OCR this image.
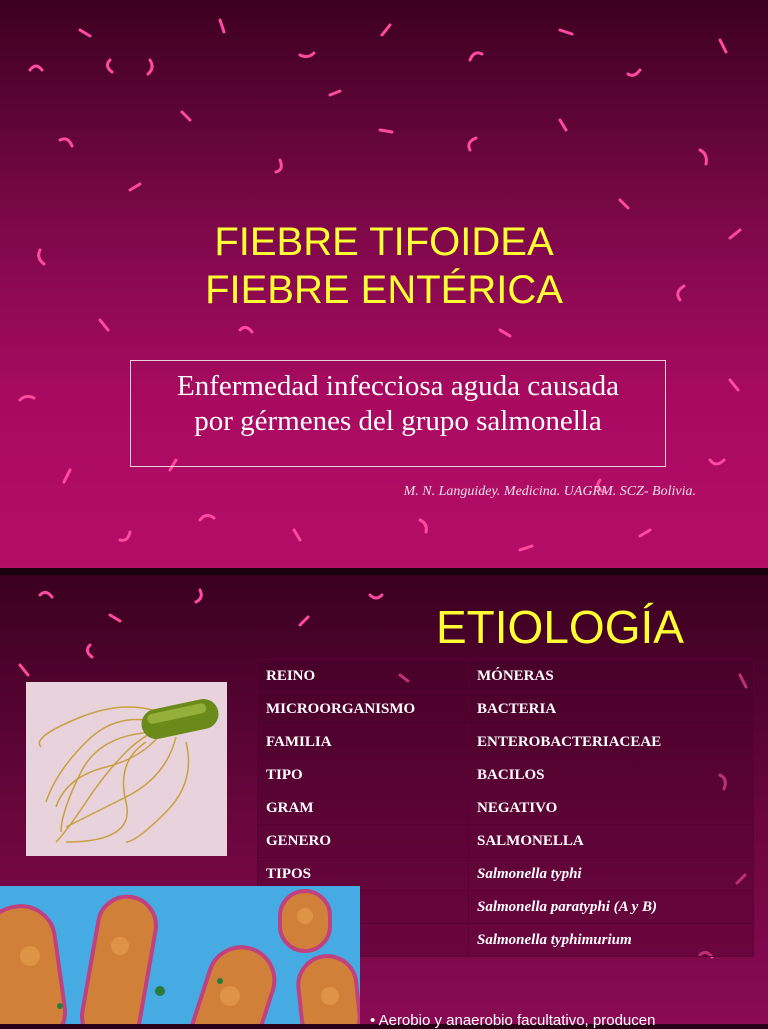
FIEBRE TIFOIDEA
FIEBRE ENTÉRICA
Enfermedad infecciosa aguda causada
por gérmenes del grupo salmonella
M. N. Languidey. Medicina. UAGRM. SCZ- Bolivia.
ETIOLOGÍA
REINO	MÓNERAS
MICROORGANISMO	BACTERIA
FAMILIA	ENTEROBACTERIACEAE
TIPO	BACILOS
GRAM	NEGATIVO
GENERO	SALMONELLA
TIPOS	Salmonella typhi
	Salmonella paratyphi (A y B)
	Salmonella typhimurium
• Aerobio y anaerobio facultativo, producen
